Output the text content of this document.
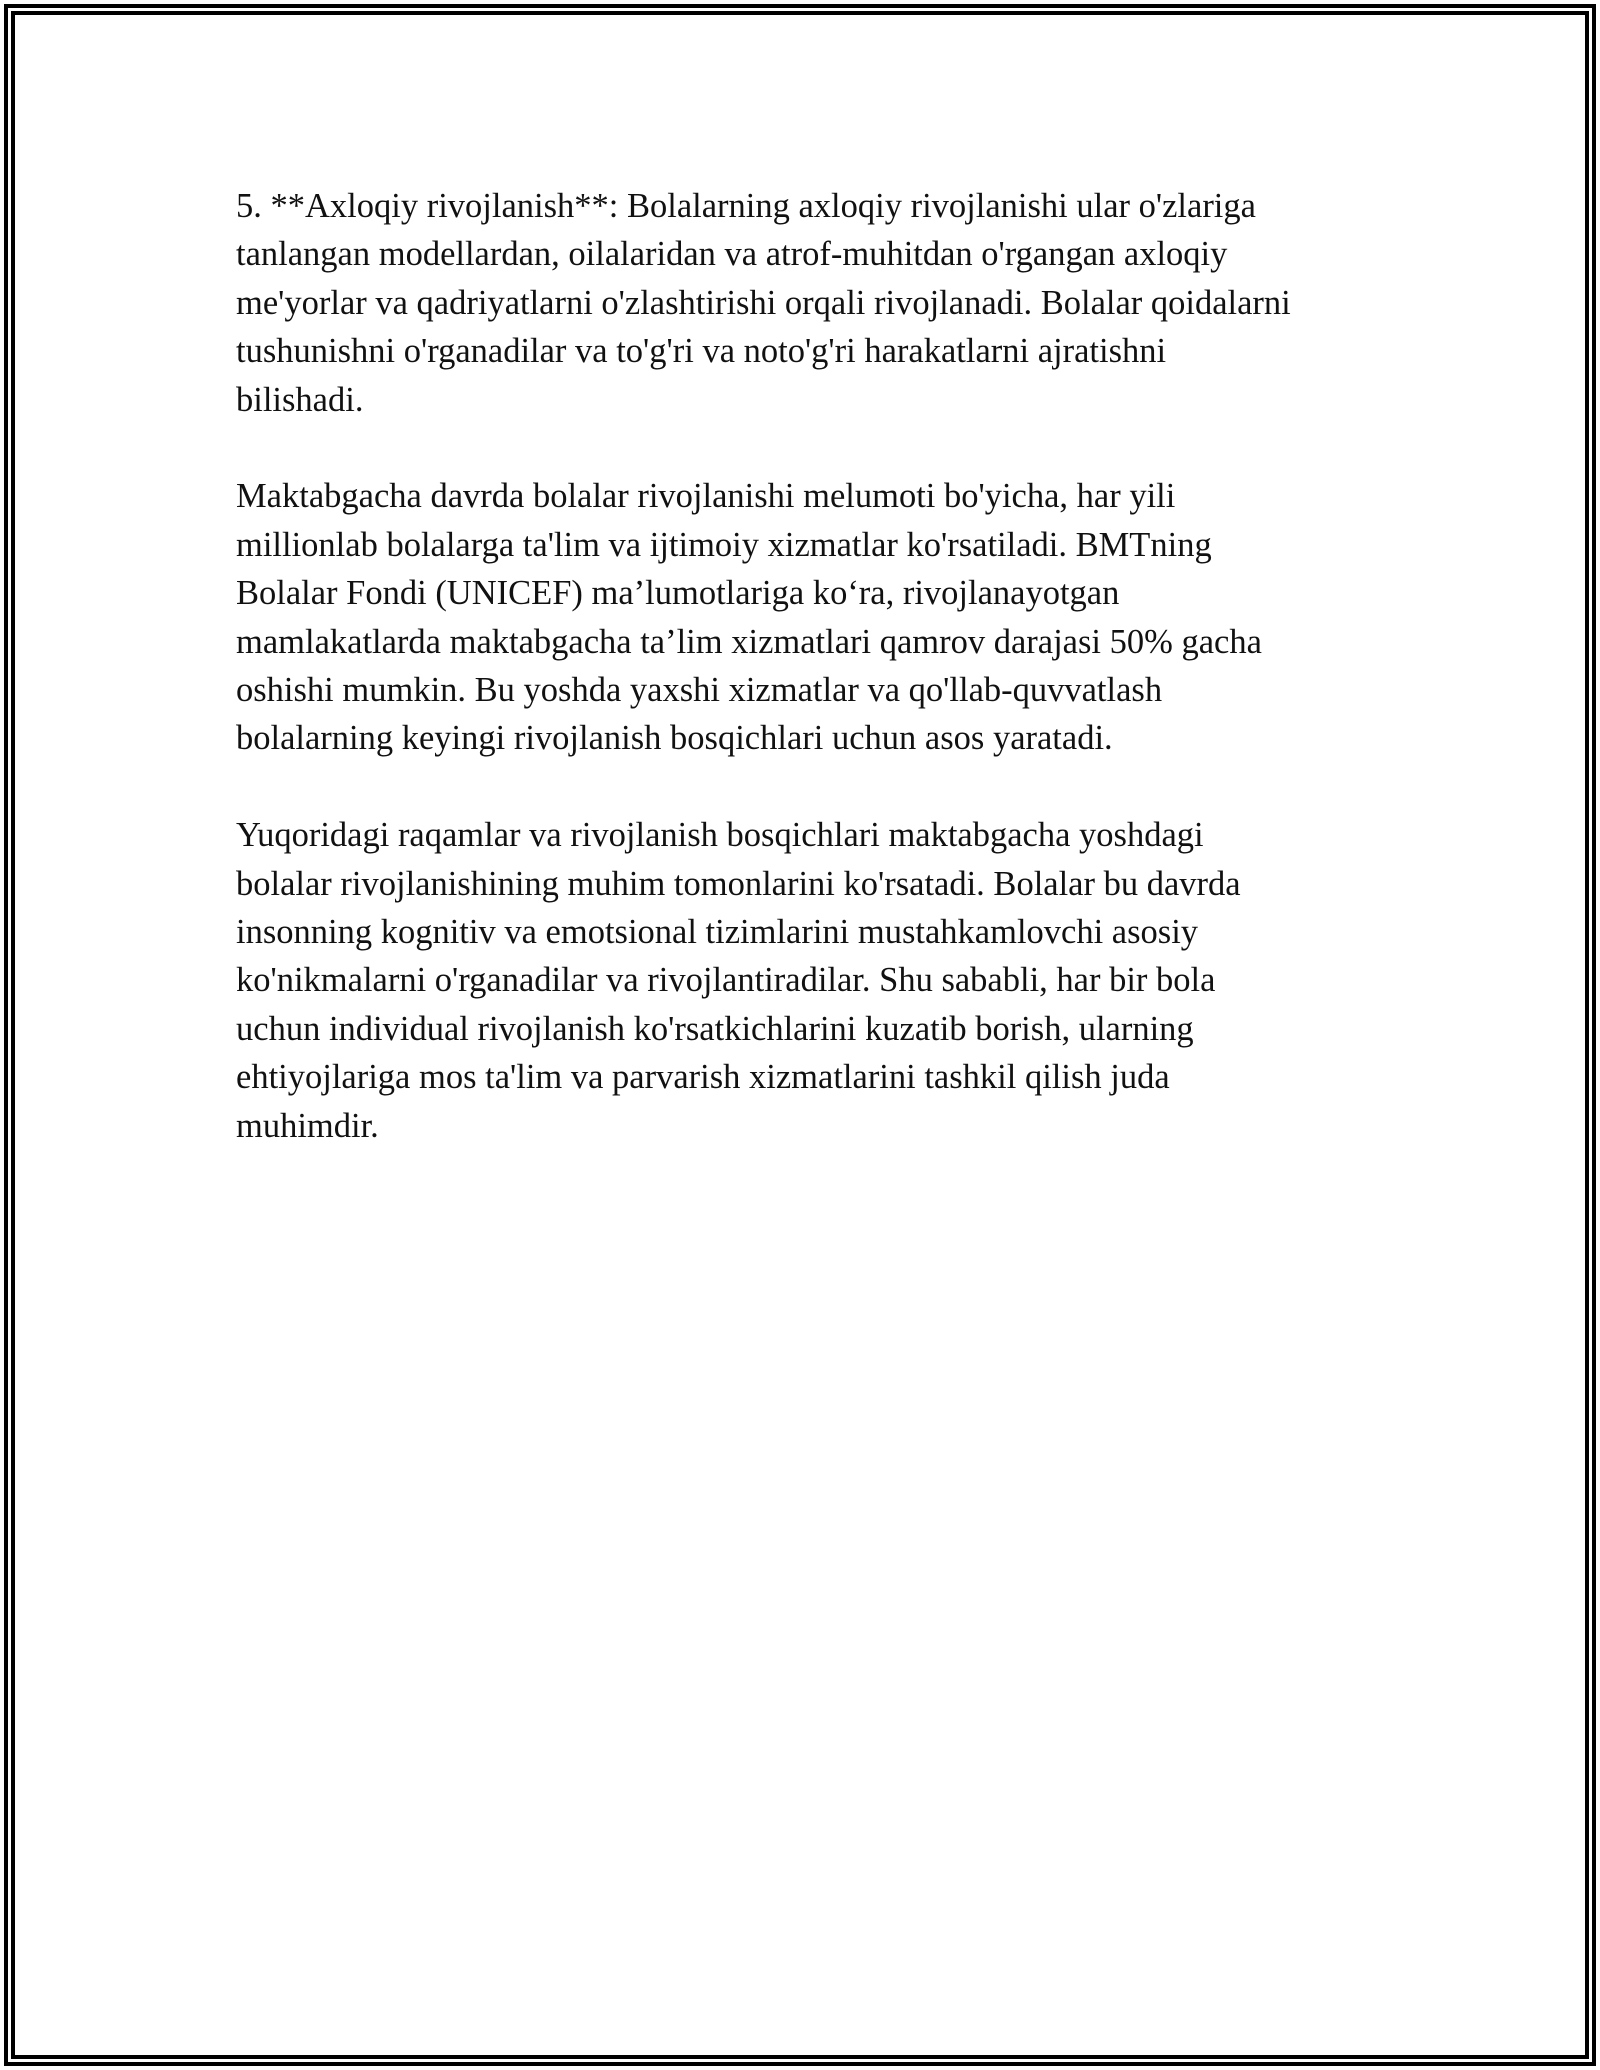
5. **Axloqiy rivojlanish**: Bolalarning axloqiy rivojlanishi ular o'zlariga
tanlangan modellardan, oilalaridan va atrof-muhitdan o'rgangan axloqiy
me'yorlar va qadriyatlarni o'zlashtirishi orqali rivojlanadi. Bolalar qoidalarni
tushunishni o'rganadilar va to'g'ri va noto'g'ri harakatlarni ajratishni
bilishadi.

Maktabgacha davrda bolalar rivojlanishi melumoti bo'yicha, har yili
millionlab bolalarga ta'lim va ijtimoiy xizmatlar ko'rsatiladi. BMTning
Bolalar Fondi (UNICEF) ma’lumotlariga ko‘ra, rivojlanayotgan
mamlakatlarda maktabgacha ta’lim xizmatlari qamrov darajasi 50% gacha
oshishi mumkin. Bu yoshda yaxshi xizmatlar va qo'llab-quvvatlash
bolalarning keyingi rivojlanish bosqichlari uchun asos yaratadi.

Yuqoridagi raqamlar va rivojlanish bosqichlari maktabgacha yoshdagi
bolalar rivojlanishining muhim tomonlarini ko'rsatadi. Bolalar bu davrda
insonning kognitiv va emotsional tizimlarini mustahkamlovchi asosiy
ko'nikmalarni o'rganadilar va rivojlantiradilar. Shu sababli, har bir bola
uchun individual rivojlanish ko'rsatkichlarini kuzatib borish, ularning
ehtiyojlariga mos ta'lim va parvarish xizmatlarini tashkil qilish juda
muhimdir.
